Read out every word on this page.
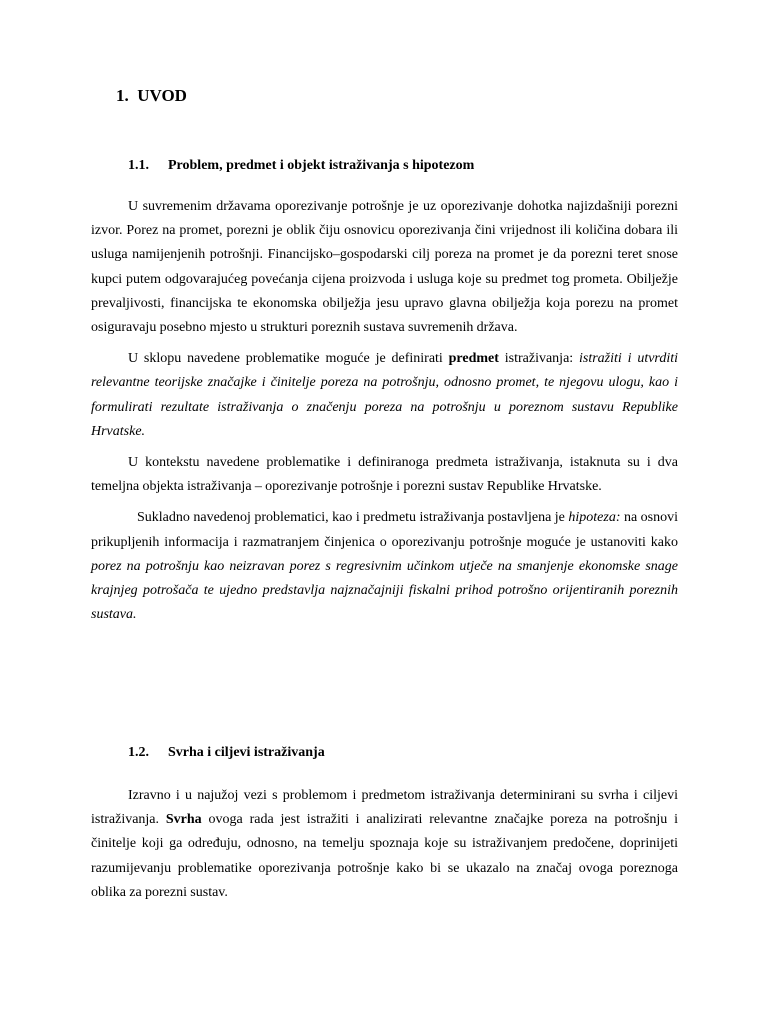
1. UVOD
1.1. Problem, predmet i objekt istraživanja s hipotezom

U suvremenim državama oporezivanje potrošnje je uz oporezivanje dohotka najizdašniji porezni izvor. Porez na promet, porezni je oblik čiju osnovicu oporezivanja čini vrijednost ili količina dobara ili usluga namijenjenih potrošnji. Financijsko–gospodarski cilj poreza na promet je da porezni teret snose kupci putem odgovarajućeg povećanja cijena proizvoda i usluga koje su predmet tog prometa. Obilježje prevaljivosti, financijska te ekonomska obilježja jesu upravo glavna obilježja koja porezu na promet osiguravaju posebno mjesto u strukturi poreznih sustava suvremenih država.

U sklopu navedene problematike moguće je definirati predmet istraživanja: istražiti i utvrditi relevantne teorijske značajke i činitelje poreza na potrošnju, odnosno promet, te njegovu ulogu, kao i formulirati rezultate istraživanja o značenju poreza na potrošnju u poreznom sustavu Republike Hrvatske.

U kontekstu navedene problematike i definiranoga predmeta istraživanja, istaknuta su i dva temeljna objekta istraživanja – oporezivanje potrošnje i porezni sustav Republike Hrvatske.

Sukladno navedenoj problematici, kao i predmetu istraživanja postavljena je hipoteza: na osnovi prikupljenih informacija i razmatranjem činjenica o oporezivanju potrošnje moguće je ustanoviti kako porez na potrošnju kao neizravan porez s regresivnim učinkom utječe na smanjenje ekonomske snage krajnjeg potrošača te ujedno predstavlja najznačajniji fiskalni prihod potrošno orijentiranih poreznih sustava.

1.2. Svrha i ciljevi istraživanja

Izravno i u najužoj vezi s problemom i predmetom istraživanja determinirani su svrha i ciljevi istraživanja. Svrha ovoga rada jest istražiti i analizirati relevantne značajke poreza na potrošnju i činitelje koji ga određuju, odnosno, na temelju spoznaja koje su istraživanjem predočene, doprinijeti razumijevanju problematike oporezivanja potrošnje kako bi se ukazalo na značaj ovoga poreznoga oblika za porezni sustav.
